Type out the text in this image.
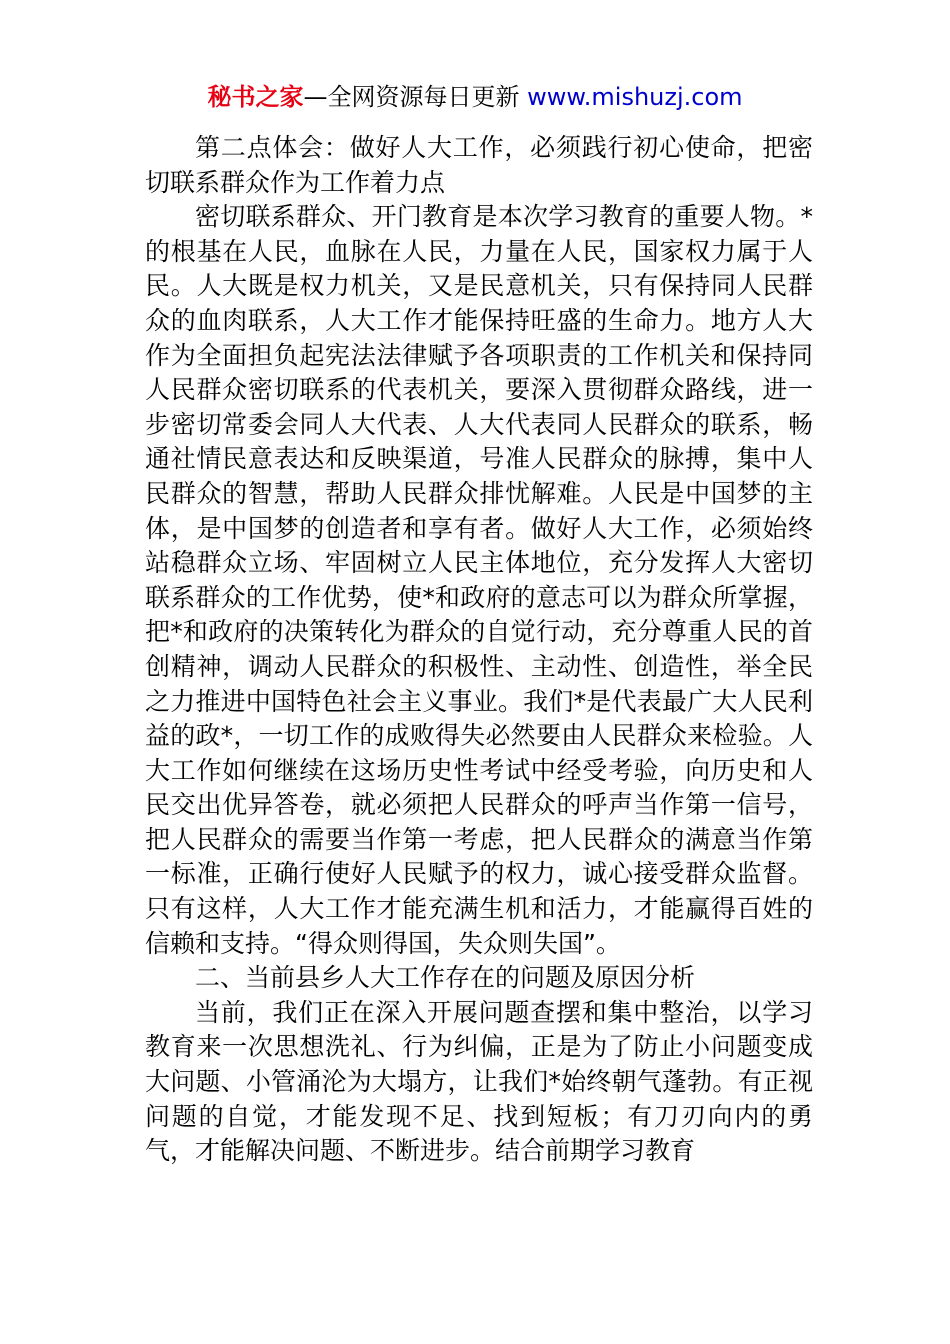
秘书之家—全网资源每日更新 www.mishuzj.com

第二点体会：做好人大工作，必须践行初心使命，把密切联系群众作为工作着力点

密切联系群众、开门教育是本次学习教育的重要人物。*的根基在人民，血脉在人民，力量在人民，国家权力属于人民。人大既是权力机关，又是民意机关，只有保持同人民群众的血肉联系，人大工作才能保持旺盛的生命力。地方人大作为全面担负起宪法法律赋予各项职责的工作机关和保持同人民群众密切联系的代表机关，要深入贯彻群众路线，进一步密切常委会同人大代表、人大代表同人民群众的联系，畅通社情民意表达和反映渠道，号准人民群众的脉搏，集中人民群众的智慧，帮助人民群众排忧解难。人民是中国梦的主体，是中国梦的创造者和享有者。做好人大工作，必须始终站稳群众立场、牢固树立人民主体地位，充分发挥人大密切联系群众的工作优势，使*和政府的意志可以为群众所掌握，把*和政府的决策转化为群众的自觉行动，充分尊重人民的首创精神，调动人民群众的积极性、主动性、创造性，举全民之力推进中国特色社会主义事业。我们*是代表最广大人民利益的政*，一切工作的成败得失必然要由人民群众来检验。人大工作如何继续在这场历史性考试中经受考验，向历史和人民交出优异答卷，就必须把人民群众的呼声当作第一信号，把人民群众的需要当作第一考虑，把人民群众的满意当作第一标准，正确行使好人民赋予的权力，诚心接受群众监督。只有这样，人大工作才能充满生机和活力，才能赢得百姓的信赖和支持。“得众则得国，失众则失国”。

二、当前县乡人大工作存在的问题及原因分析

当前，我们正在深入开展问题查摆和集中整治，以学习教育来一次思想洗礼、行为纠偏，正是为了防止小问题变成大问题、小管涌沦为大塌方，让我们*始终朝气蓬勃。有正视问题的自觉，才能发现不足、找到短板；有刀刃向内的勇气，才能解决问题、不断进步。结合前期学习教育
